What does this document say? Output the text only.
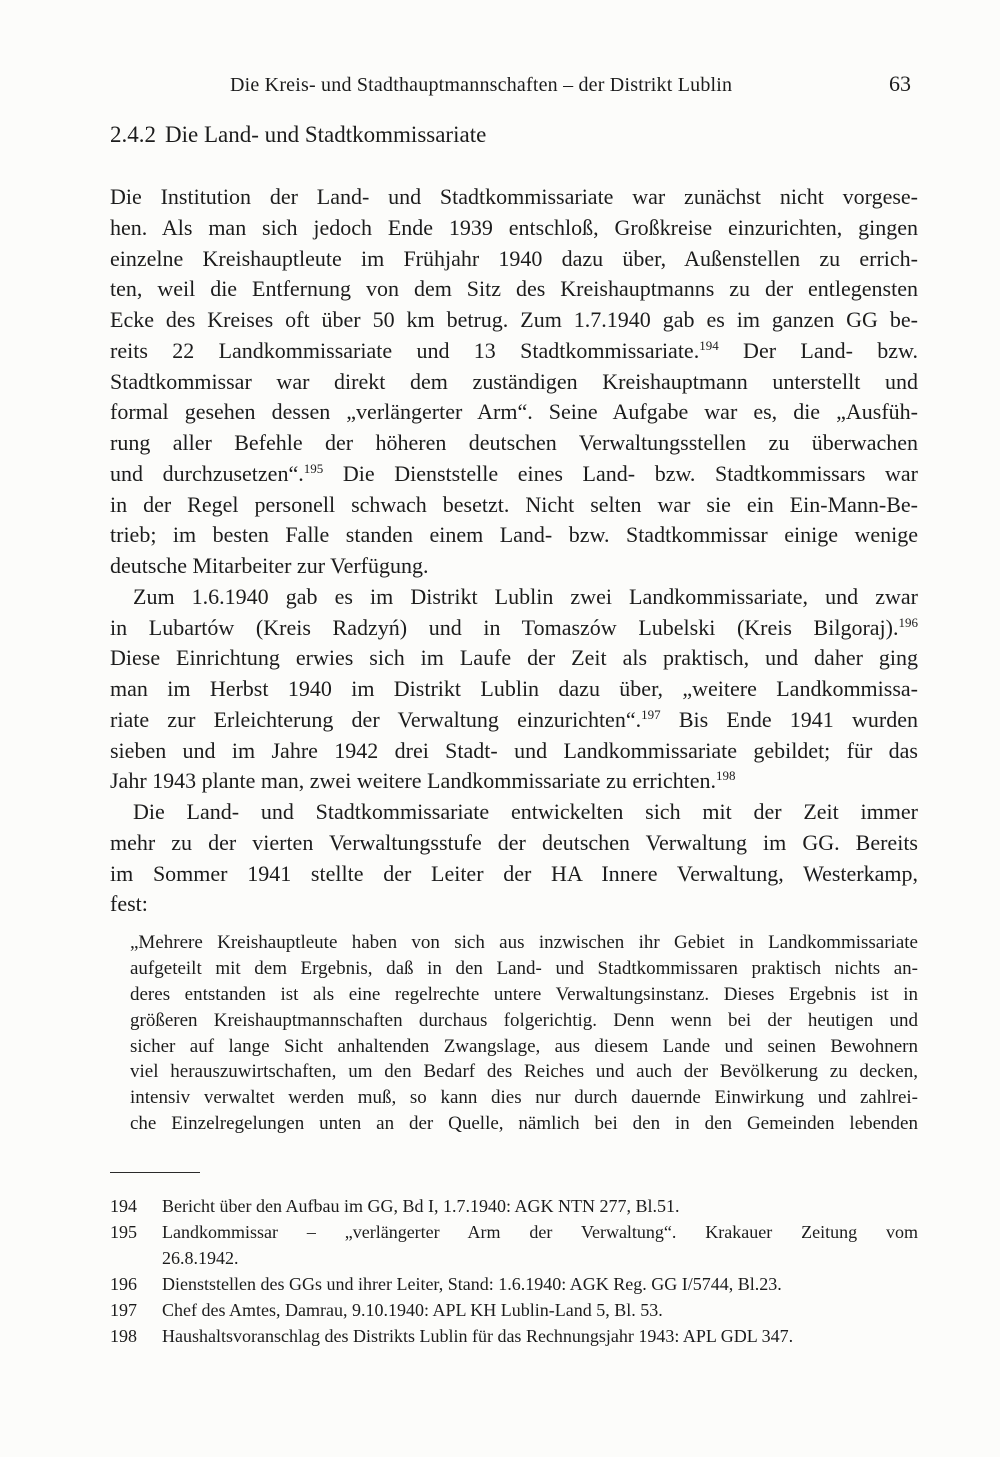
Die Kreis- und Stadthauptmannschaften – der Distrikt Lublin	63
2.4.2 Die Land- und Stadtkommissariate
Die Institution der Land- und Stadtkommissariate war zunächst nicht vorgese-
hen. Als man sich jedoch Ende 1939 entschloß, Großkreise einzurichten, gingen
einzelne Kreishauptleute im Frühjahr 1940 dazu über, Außenstellen zu errich-
ten, weil die Entfernung von dem Sitz des Kreishauptmanns zu der entlegensten
Ecke des Kreises oft über 50 km betrug. Zum 1.7.1940 gab es im ganzen GG be-
reits 22 Landkommissariate und 13 Stadtkommissariate.$^{194}$ Der Land- bzw.
Stadtkommissar war direkt dem zuständigen Kreishauptmann unterstellt und
formal gesehen dessen „verlängerter Arm“. Seine Aufgabe war es, die „Ausfüh-
rung aller Befehle der höheren deutschen Verwaltungsstellen zu überwachen
und durchzusetzen“.$^{195}$ Die Dienststelle eines Land- bzw. Stadtkommissars war
in der Regel personell schwach besetzt. Nicht selten war sie ein Ein-Mann-Be-
trieb; im besten Falle standen einem Land- bzw. Stadtkommissar einige wenige
deutsche Mitarbeiter zur Verfügung.
Zum 1.6.1940 gab es im Distrikt Lublin zwei Landkommissariate, und zwar
in Lubartów (Kreis Radzyń) und in Tomaszów Lubelski (Kreis Bilgoraj).$^{196}$
Diese Einrichtung erwies sich im Laufe der Zeit als praktisch, und daher ging
man im Herbst 1940 im Distrikt Lublin dazu über, „weitere Landkommissa-
riate zur Erleichterung der Verwaltung einzurichten“.$^{197}$ Bis Ende 1941 wurden
sieben und im Jahre 1942 drei Stadt- und Landkommissariate gebildet; für das
Jahr 1943 plante man, zwei weitere Landkommissariate zu errichten.$^{198}$
Die Land- und Stadtkommissariate entwickelten sich mit der Zeit immer
mehr zu der vierten Verwaltungsstufe der deutschen Verwaltung im GG. Bereits
im Sommer 1941 stellte der Leiter der HA Innere Verwaltung, Westerkamp,
fest:
„Mehrere Kreishauptleute haben von sich aus inzwischen ihr Gebiet in Landkommissariate
aufgeteilt mit dem Ergebnis, daß in den Land- und Stadtkommissaren praktisch nichts an-
deres entstanden ist als eine regelrechte untere Verwaltungsinstanz. Dieses Ergebnis ist in
größeren Kreishauptmannschaften durchaus folgerichtig. Denn wenn bei der heutigen und
sicher auf lange Sicht anhaltenden Zwangslage, aus diesem Lande und seinen Bewohnern
viel herauszuwirtschaften, um den Bedarf des Reiches und auch der Bevölkerung zu decken,
intensiv verwaltet werden muß, so kann dies nur durch dauernde Einwirkung und zahlrei-
che Einzelregelungen unten an der Quelle, nämlich bei den in den Gemeinden lebenden
194 Bericht über den Aufbau im GG, Bd I, 1.7.1940: AGK NTN 277, Bl.51.
195 Landkommissar – „verlängerter Arm der Verwaltung“. Krakauer Zeitung vom
26.8.1942.
196 Dienststellen des GGs und ihrer Leiter, Stand: 1.6.1940: AGK Reg. GG I/5744, Bl.23.
197 Chef des Amtes, Damrau, 9.10.1940: APL KH Lublin-Land 5, Bl. 53.
198 Haushaltsvoranschlag des Distrikts Lublin für das Rechnungsjahr 1943: APL GDL 347.
